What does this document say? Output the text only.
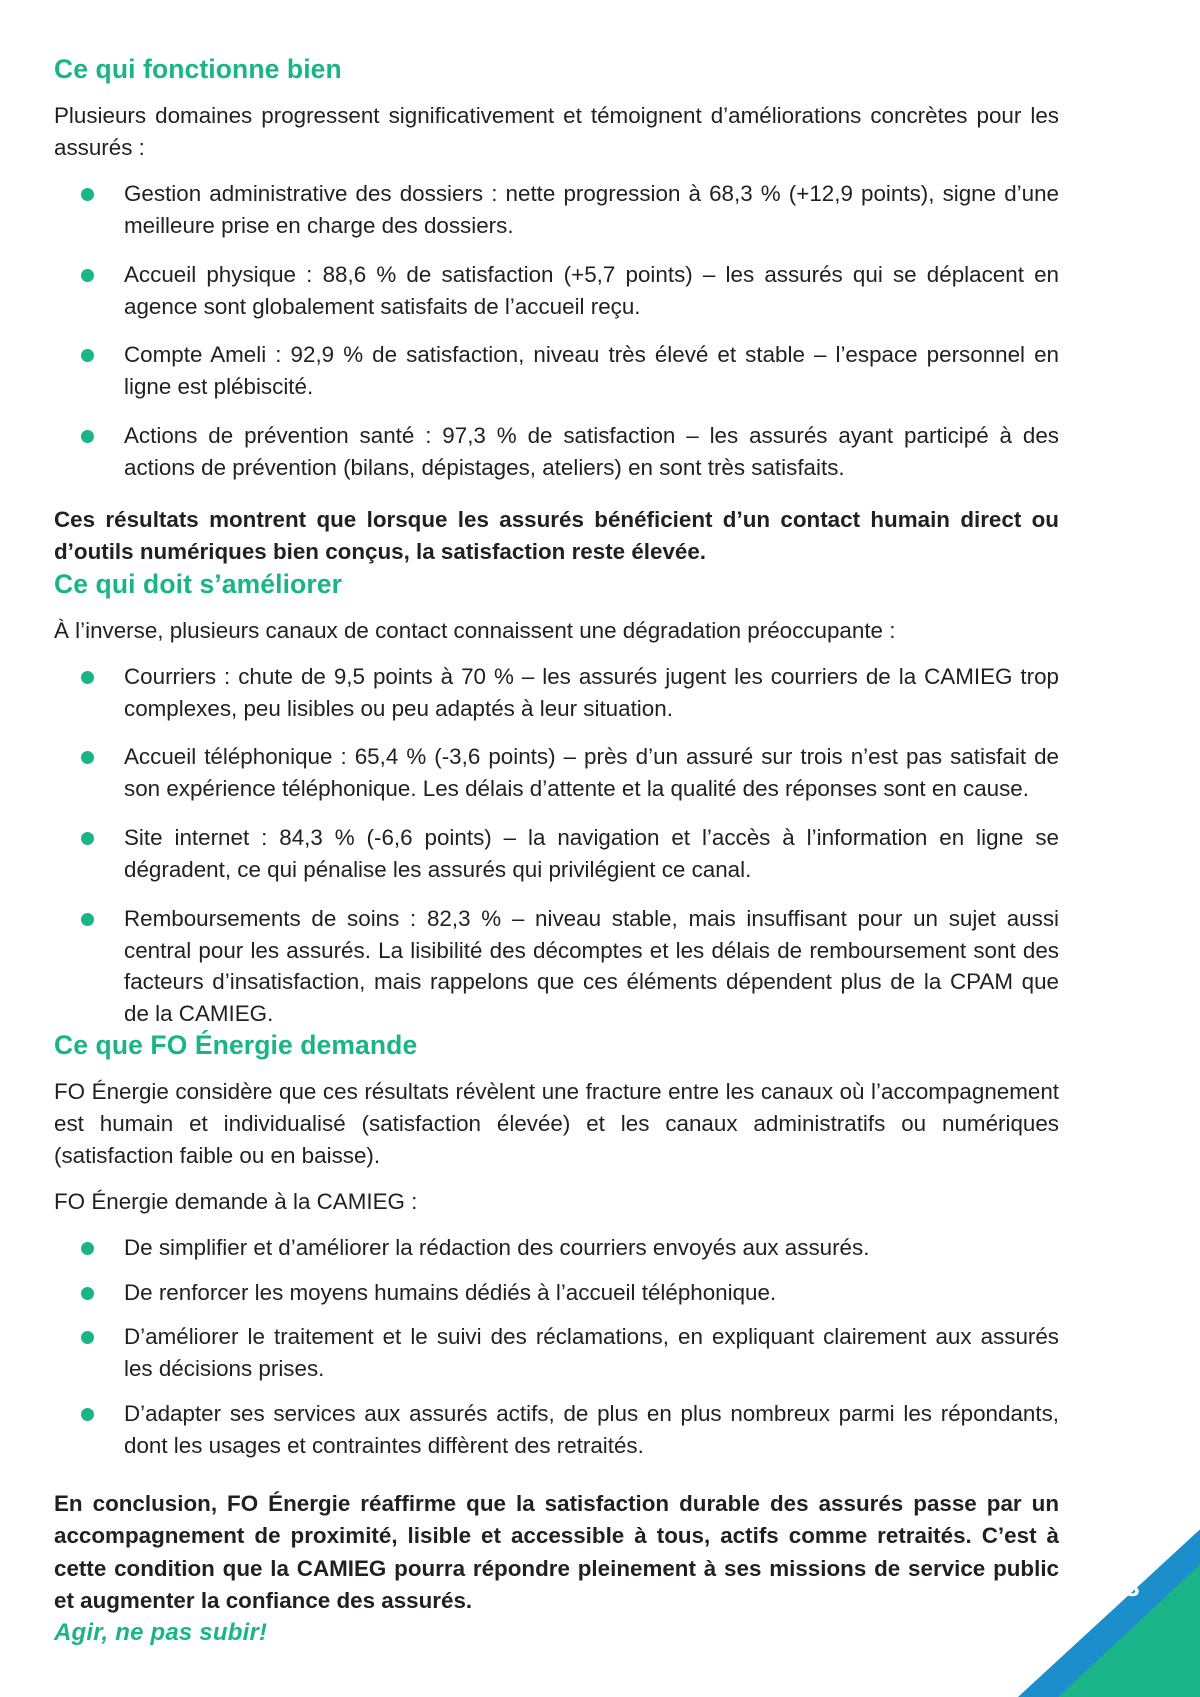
Ce qui fonctionne bien

Plusieurs domaines progressent significativement et témoignent d’améliorations concrètes pour les assurés :

Gestion administrative des dossiers : nette progression à 68,3 % (+12,9 points), signe d’une meilleure prise en charge des dossiers.
Accueil physique : 88,6 % de satisfaction (+5,7 points) – les assurés qui se déplacent en agence sont globalement satisfaits de l’accueil reçu.
Compte Ameli : 92,9 % de satisfaction, niveau très élevé et stable – l’espace personnel en ligne est plébiscité.
Actions de prévention santé : 97,3 % de satisfaction – les assurés ayant participé à des actions de prévention (bilans, dépistages, ateliers) en sont très satisfaits.

Ces résultats montrent que lorsque les assurés bénéficient d’un contact humain direct ou d’outils numériques bien conçus, la satisfaction reste élevée.

Ce qui doit s’améliorer

À l’inverse, plusieurs canaux de contact connaissent une dégradation préoccupante :

Courriers : chute de 9,5 points à 70 % – les assurés jugent les courriers de la CAMIEG trop complexes, peu lisibles ou peu adaptés à leur situation.
Accueil téléphonique : 65,4 % (-3,6 points) – près d’un assuré sur trois n’est pas satisfait de son expérience téléphonique. Les délais d’attente et la qualité des réponses sont en cause.
Site internet : 84,3 % (-6,6 points) – la navigation et l’accès à l’information en ligne se dégradent, ce qui pénalise les assurés qui privilégient ce canal.
Remboursements de soins : 82,3 % – niveau stable, mais insuffisant pour un sujet aussi central pour les assurés. La lisibilité des décomptes et les délais de remboursement sont des facteurs d’insatisfaction, mais rappelons que ces éléments dépendent plus de la CPAM que de la CAMIEG.
Ce que FO Énergie demande

FO Énergie considère que ces résultats révèlent une fracture entre les canaux où l’accompagnement est humain et individualisé (satisfaction élevée) et les canaux administratifs ou numériques (satisfaction faible ou en baisse).

FO Énergie demande à la CAMIEG :

De simplifier et d’améliorer la rédaction des courriers envoyés aux assurés.
De renforcer les moyens humains dédiés à l’accueil téléphonique.
D’améliorer le traitement et le suivi des réclamations, en expliquant clairement aux assurés les décisions prises.
D’adapter ses services aux assurés actifs, de plus en plus nombreux parmi les répondants, dont les usages et contraintes diffèrent des retraités.

En conclusion, FO Énergie réaffirme que la satisfaction durable des assurés passe par un accompagnement de proximité, lisible et accessible à tous, actifs comme retraités. C’est à cette condition que la CAMIEG pourra répondre pleinement à ses missions de service public et augmenter la confiance des assurés.

Agir, ne pas subir!
3/3
